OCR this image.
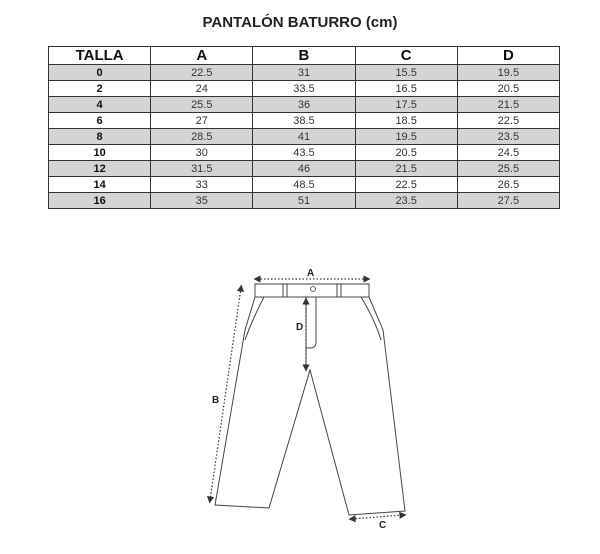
PANTALÓN BATURRO (cm)
TALLA	A	B	C	D
0	22.5	31	15.5	19.5
2	24	33.5	16.5	20.5
4	25.5	36	17.5	21.5
6	27	38.5	18.5	22.5
8	28.5	41	19.5	23.5
10	30	43.5	20.5	24.5
12	31.5	46	21.5	25.5
14	33	48.5	22.5	26.5
16	35	51	23.5	27.5
A
B
C
D
